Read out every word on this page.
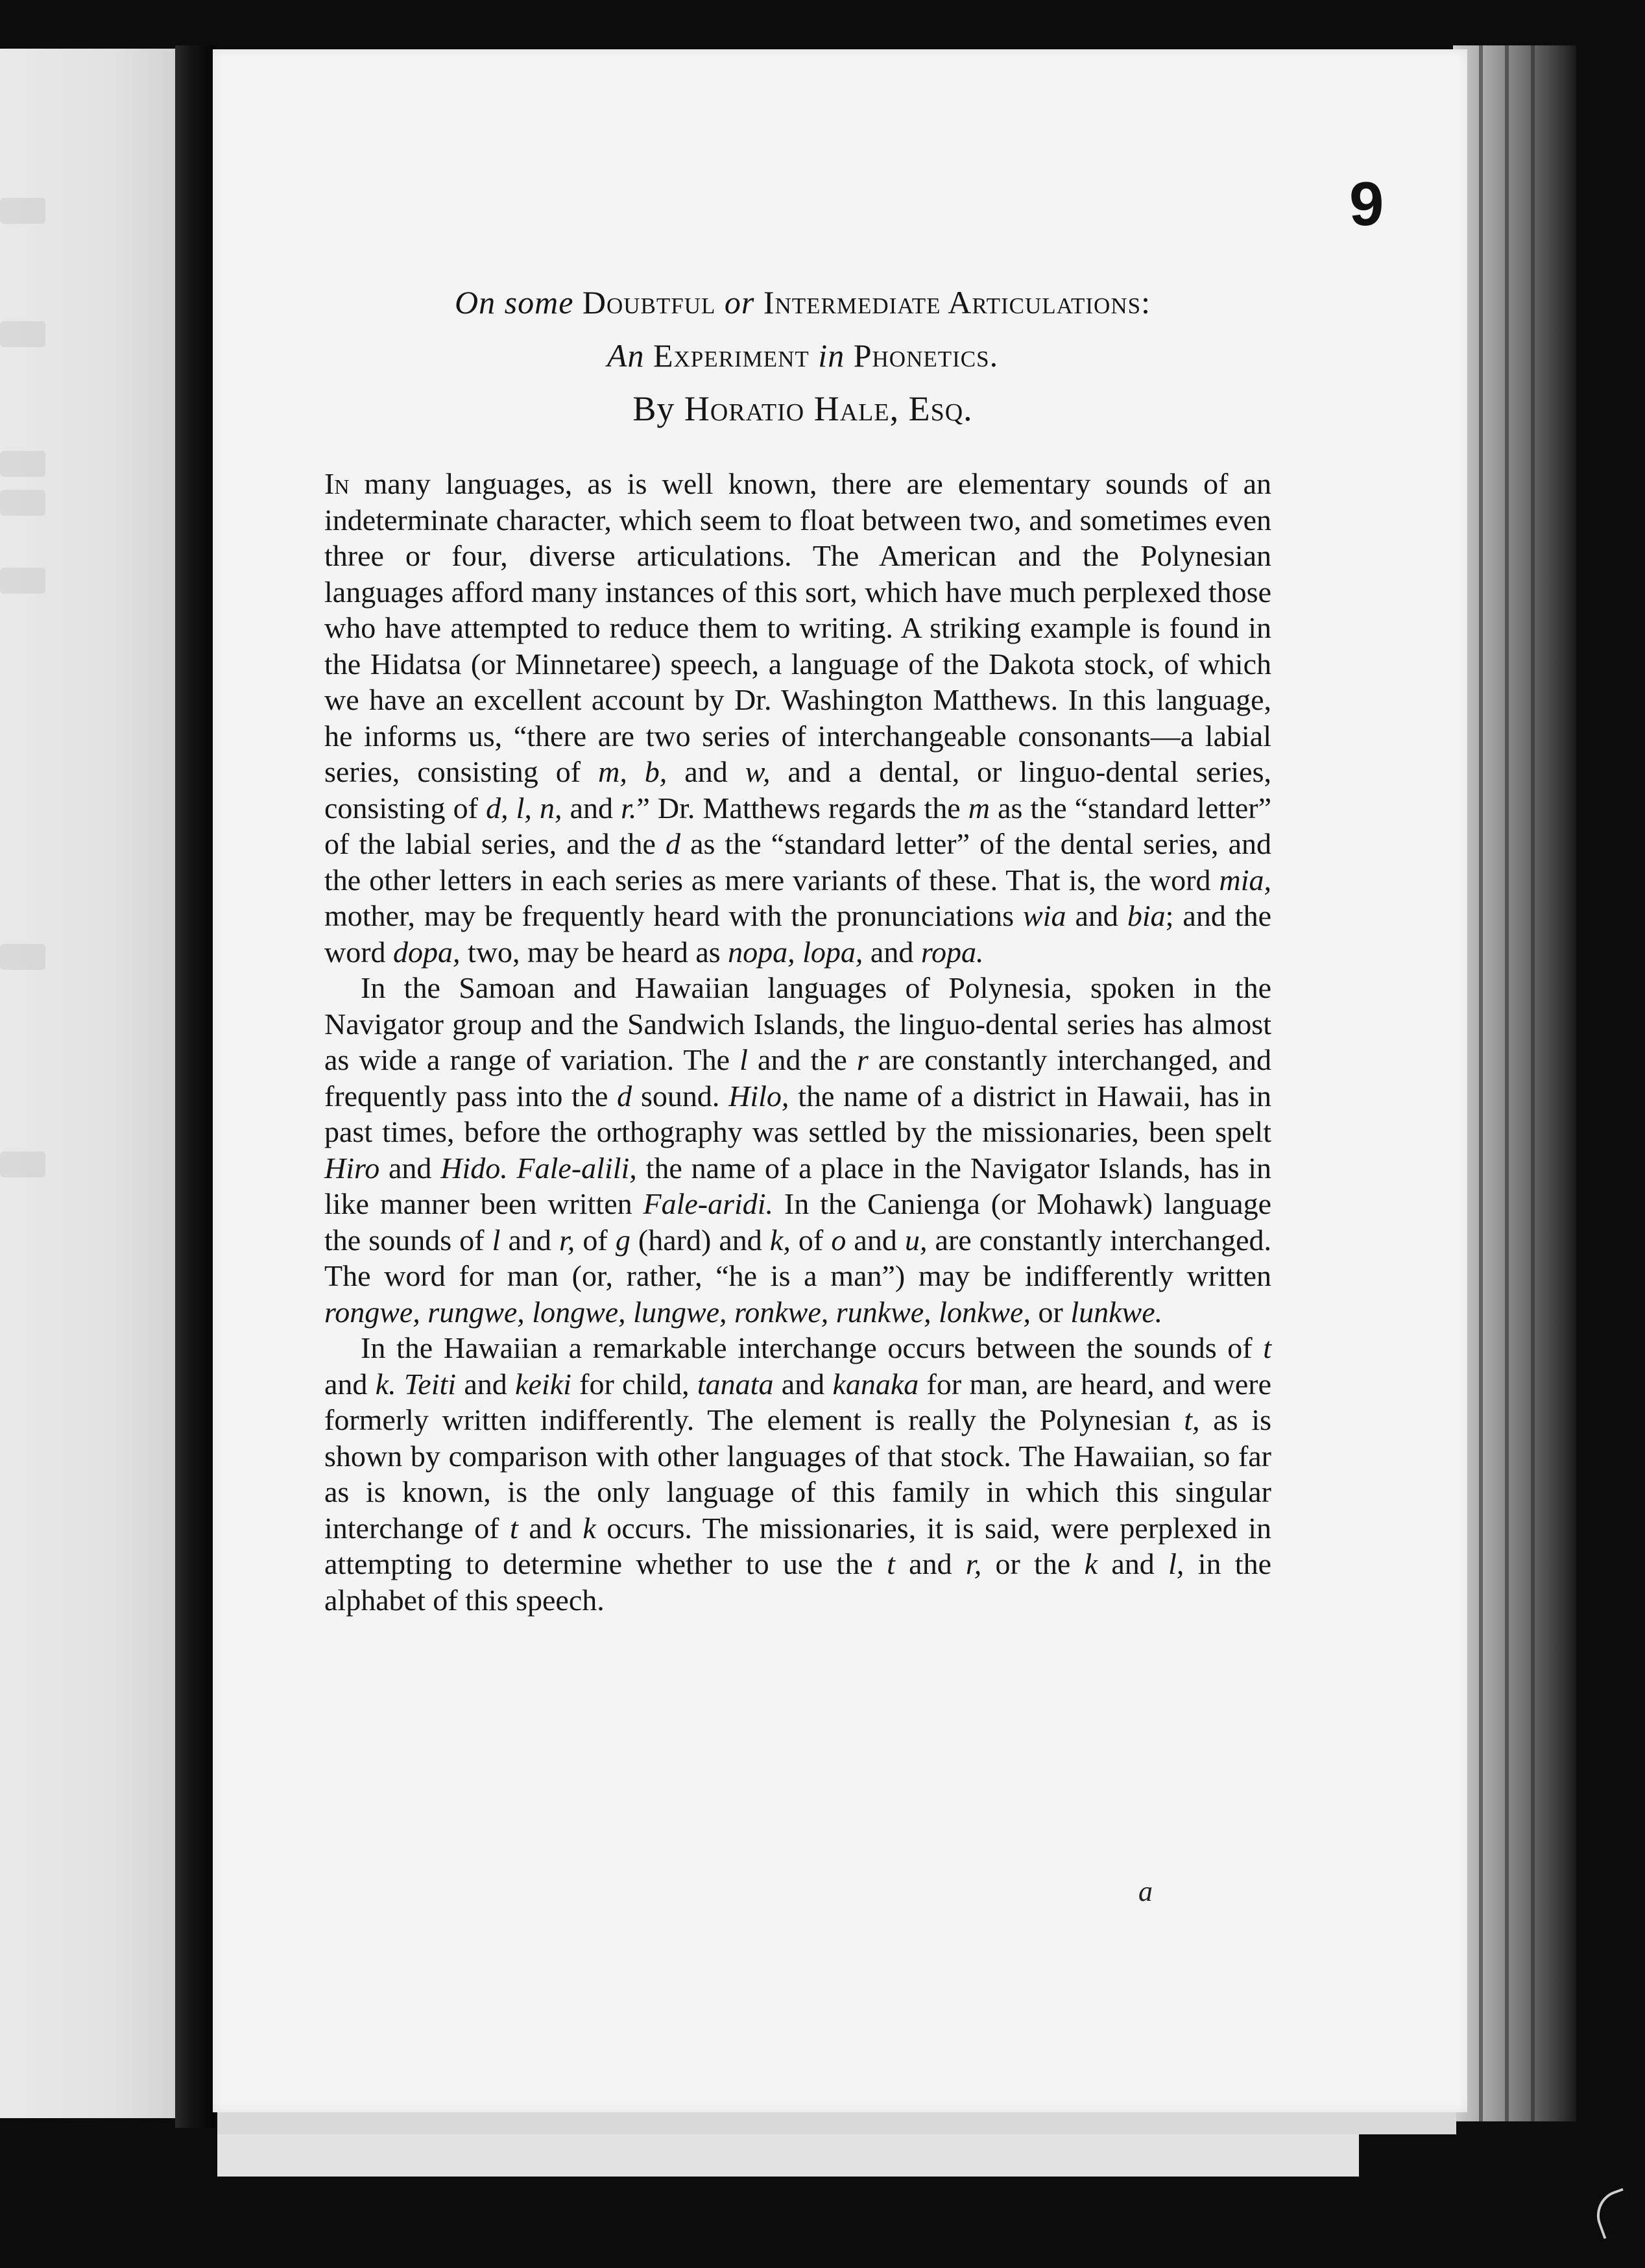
9
On some Doubtful or Intermediate Articulations:
An Experiment in Phonetics.
By Horatio Hale, Esq.

In many languages, as is well known, there are elementary sounds of an indeterminate character, which seem to float between two, and sometimes even three or four, diverse articulations. The American and the Polynesian languages afford many instances of this sort, which have much perplexed those who have attempted to reduce them to writing. A striking example is found in the Hidatsa (or Minnetaree) speech, a language of the Dakota stock, of which we have an excellent account by Dr. Washington Matthews. In this language, he informs us, “there are two series of interchangeable consonants—a labial series, consisting of m, b, and w, and a dental, or linguo-dental series, consisting of d, l, n, and r.” Dr. Matthews regards the m as the “standard letter” of the labial series, and the d as the “standard letter” of the dental series, and the other letters in each series as mere variants of these. That is, the word mia, mother, may be frequently heard with the pronunciations wia and bia; and the word dopa, two, may be heard as nopa, lopa, and ropa.

In the Samoan and Hawaiian languages of Polynesia, spoken in the Navigator group and the Sandwich Islands, the linguo-dental series has almost as wide a range of variation. The l and the r are constantly interchanged, and frequently pass into the d sound. Hilo, the name of a district in Hawaii, has in past times, before the orthography was settled by the missionaries, been spelt Hiro and Hido. Fale-alili, the name of a place in the Navigator Islands, has in like manner been written Fale-aridi. In the Canienga (or Mohawk) language the sounds of l and r, of g (hard) and k, of o and u, are constantly interchanged. The word for man (or, rather, “he is a man”) may be indifferently written rongwe, rungwe, longwe, lungwe, ronkwe, runkwe, lonkwe, or lunkwe.

In the Hawaiian a remarkable interchange occurs between the sounds of t and k. Teiti and keiki for child, tanata and kanaka for man, are heard, and were formerly written indifferently. The element is really the Polynesian t, as is shown by comparison with other languages of that stock. The Hawaiian, so far as is known, is the only language of this family in which this singular interchange of t and k occurs. The missionaries, it is said, were perplexed in attempting to determine whether to use the t and r, or the k and l, in the alphabet of this speech.

a
